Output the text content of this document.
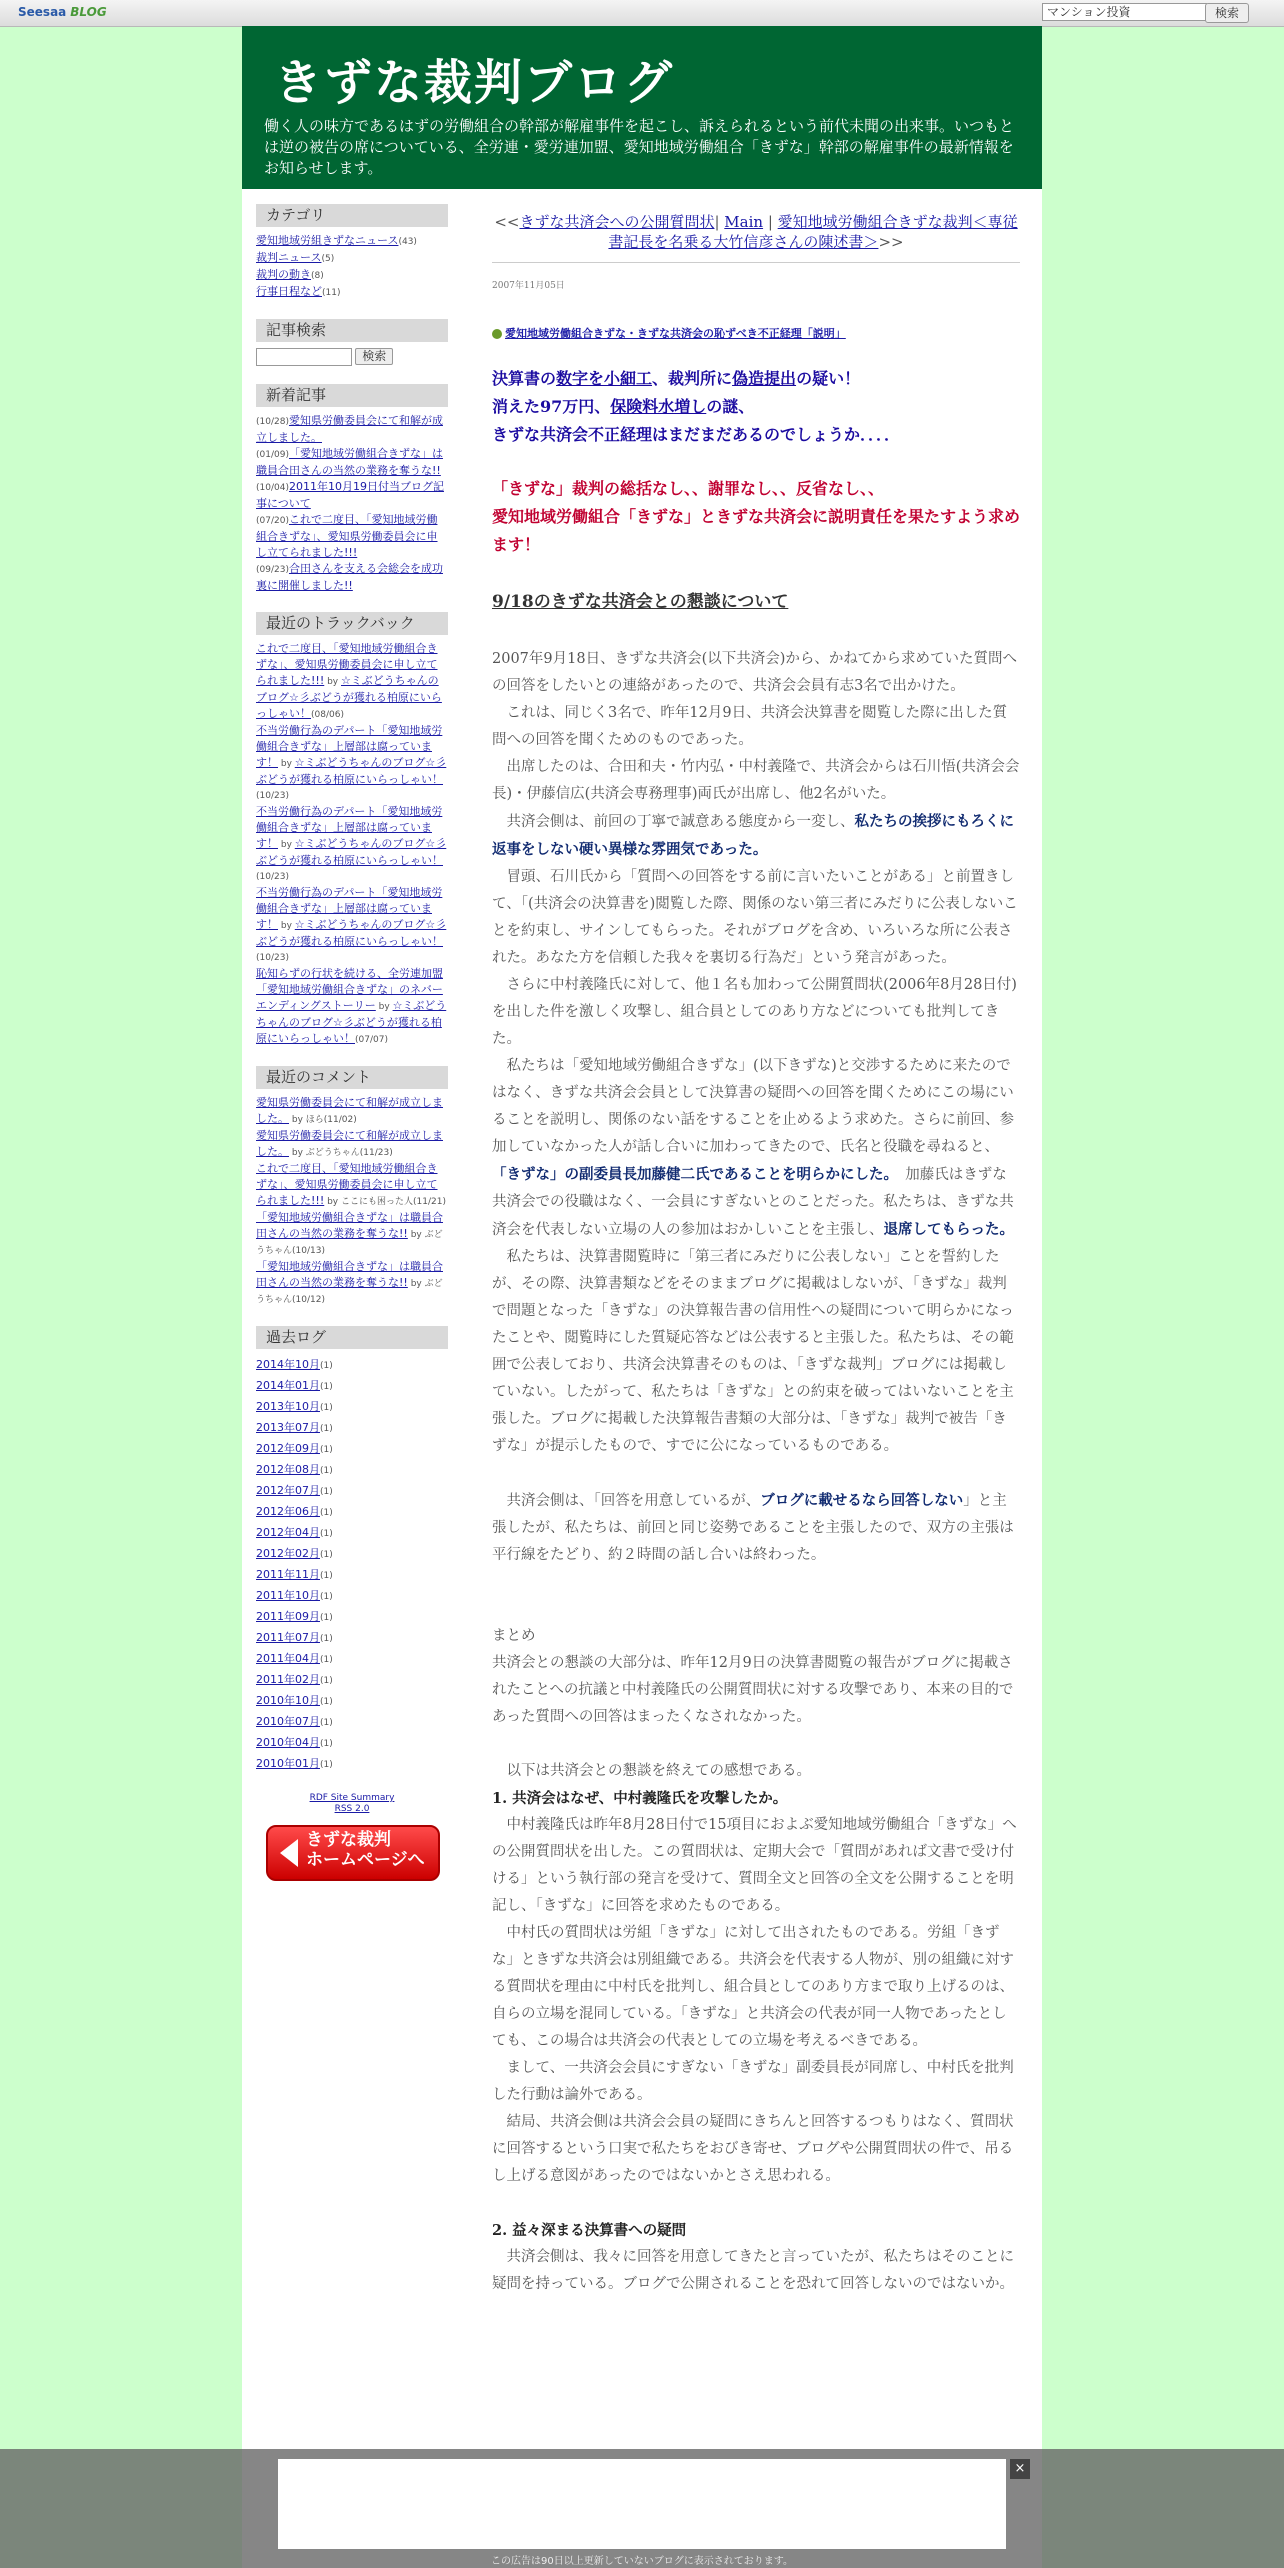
Seesaa BLOG	マンション投資	検索
きずな裁判ブログ
働く人の味方であるはずの労働組合の幹部が解雇事件を起こし、訴えられるという前代未聞の出来事。いつもとは逆の被告の席についている、全労連・愛労連加盟、愛知地域労働組合「きずな」幹部の解雇事件の最新情報をお知らせします。
カテゴリ
愛知地域労組きずなニュース(43)
裁判ニュース(5)
裁判の動き(8)
行事日程など(11)
記事検索
検索
新着記事
(10/28)愛知県労働委員会にて和解が成立しました。
(01/09)「愛知地域労働組合きずな」は職員合田さんの当然の業務を奪うな!!
(10/04)2011年10月19日付当ブログ記事について
(07/20)これで二度目、「愛知地域労働組合きずな」、愛知県労働委員会に申し立てられました!!!
(09/23)合田さんを支える会総会を成功裏に開催しました!!
最近のトラックバック
これで二度目、「愛知地域労働組合きずな」、愛知県労働委員会に申し立てられました!!! by ☆ミぶどうちゃんのブログ☆彡ぶどうが獲れる柏原にいらっしゃい！(08/06)
不当労働行為のデパート「愛知地域労働組合きずな」上層部は腐っています！ by ☆ミぶどうちゃんのブログ☆彡ぶどうが獲れる柏原にいらっしゃい！(10/23)
不当労働行為のデパート「愛知地域労働組合きずな」上層部は腐っています！ by ☆ミぶどうちゃんのブログ☆彡ぶどうが獲れる柏原にいらっしゃい！(10/23)
不当労働行為のデパート「愛知地域労働組合きずな」上層部は腐っています！ by ☆ミぶどうちゃんのブログ☆彡ぶどうが獲れる柏原にいらっしゃい！(10/23)
恥知らずの行状を続ける、全労連加盟「愛知地域労働組合きずな」のネバーエンディングストーリー by ☆ミぶどうちゃんのブログ☆彡ぶどうが獲れる柏原にいらっしゃい！(07/07)
最近のコメント
愛知県労働委員会にて和解が成立しました。 by ほら(11/02)
愛知県労働委員会にて和解が成立しました。 by ぶどうちゃん(11/23)
これで二度目、「愛知地域労働組合きずな」、愛知県労働委員会に申し立てられました!!! by ここにも困った人(11/21)
「愛知地域労働組合きずな」は職員合田さんの当然の業務を奪うな!! by ぶどうちゃん(10/13)
「愛知地域労働組合きずな」は職員合田さんの当然の業務を奪うな!! by ぶどうちゃん(10/12)
過去ログ
2014年10月(1)
2014年01月(1)
2013年10月(1)
2013年07月(1)
2012年09月(1)
2012年08月(1)
2012年07月(1)
2012年06月(1)
2012年04月(1)
2012年02月(1)
2011年11月(1)
2011年10月(1)
2011年09月(1)
2011年07月(1)
2011年04月(1)
2011年02月(1)
2010年10月(1)
2010年07月(1)
2010年04月(1)
2010年01月(1)
RDF Site Summary
RSS 2.0
きずな裁判
ホームページへ
<<きずな共済会への公開質問状| Main | 愛知地域労働組合きずな裁判＜専従書記長を名乗る大竹信彦さんの陳述書＞>>
2007年11月05日
愛知地域労働組合きずな・きずな共済会の恥ずべき不正経理「説明」
決算書の数字を小細工、裁判所に偽造提出の疑い！
消えた97万円、保険料水増しの謎、
きずな共済会不正経理はまだまだあるのでしょうか．．．．
「きずな」裁判の総括なし、、謝罪なし、、反省なし、、
愛知地域労働組合「きずな」ときずな共済会に説明責任を果たすよう求めます！
9/18のきずな共済会との懇談について

2007年9月18日、きずな共済会(以下共済会)から、かねてから求めていた質問への回答をしたいとの連絡があったので、共済会会員有志3名で出かけた。

　これは、同じく3名で、昨年12月9日、共済会決算書を閲覧した際に出した質問への回答を聞くためのものであった。

　出席したのは、合田和夫・竹内弘・中村義隆で、共済会からは石川悟(共済会会長)・伊藤信広(共済会専務理事)両氏が出席し、他2名がいた。

　共済会側は、前回の丁寧で誠意ある態度から一変し、私たちの挨拶にもろくに返事をしない硬い異様な雰囲気であった。

　冒頭、石川氏から「質問への回答をする前に言いたいことがある」と前置きして、「(共済会の決算書を)閲覧した際、関係のない第三者にみだりに公表しないことを約束し、サインしてもらった。それがブログを含め、いろいろな所に公表された。あなた方を信頼した我々を裏切る行為だ」という発言があった。

　さらに中村義隆氏に対して、他１名も加わって公開質問状(2006年8月28日付)を出した件を激しく攻撃し、組合員としてのあり方などについても批判してきた。

　私たちは「愛知地域労働組合きずな」(以下きずな)と交渉するために来たのではなく、きずな共済会会員として決算書の疑問への回答を聞くためにこの場にいることを説明し、関係のない話をすることを止めるよう求めた。さらに前回、参加していなかった人が話し合いに加わってきたので、氏名と役職を尋ねると、「きずな」の副委員長加藤健二氏であることを明らかにした。　加藤氏はきずな共済会での役職はなく、一会員にすぎないとのことだった。私たちは、きずな共済会を代表しない立場の人の参加はおかしいことを主張し、退席してもらった。

　私たちは、決算書閲覧時に「第三者にみだりに公表しない」ことを誓約したが、その際、決算書類などをそのままブログに掲載はしないが、「きずな」裁判で問題となった「きずな」の決算報告書の信用性への疑問について明らかになったことや、閲覧時にした質疑応答などは公表すると主張した。私たちは、その範囲で公表しており、共済会決算書そのものは、「きずな裁判」ブログには掲載していない。したがって、私たちは「きずな」との約束を破ってはいないことを主張した。ブログに掲載した決算報告書類の大部分は、「きずな」裁判で被告「きずな」が提示したもので、すでに公になっているものである。

　共済会側は、「回答を用意しているが、ブログに載せるなら回答しない」と主張したが、私たちは、前回と同じ姿勢であることを主張したので、双方の主張は平行線をたどり、約２時間の話し合いは終わった。

まとめ

共済会との懇談の大部分は、昨年12月9日の決算書閲覧の報告がブログに掲載されたことへの抗議と中村義隆氏の公開質問状に対する攻撃であり、本来の目的であった質問への回答はまったくなされなかった。

　以下は共済会との懇談を終えての感想である。

1. 共済会はなぜ、中村義隆氏を攻撃したか。

　中村義隆氏は昨年8月28日付で15項目におよぶ愛知地域労働組合「きずな」への公開質問状を出した。この質問状は、定期大会で「質問があれば文書で受け付ける」という執行部の発言を受けて、質問全文と回答の全文を公開することを明記し、「きずな」に回答を求めたものである。

　中村氏の質問状は労組「きずな」に対して出されたものである。労組「きずな」ときずな共済会は別組織である。共済会を代表する人物が、別の組織に対する質問状を理由に中村氏を批判し、組合員としてのあり方まで取り上げるのは、自らの立場を混同している。「きずな」と共済会の代表が同一人物であったとしても、この場合は共済会の代表としての立場を考えるべきである。

　まして、一共済会会員にすぎない「きずな」副委員長が同席し、中村氏を批判した行動は論外である。

　結局、共済会側は共済会会員の疑問にきちんと回答するつもりはなく、質問状に回答するという口実で私たちをおびき寄せ、ブログや公開質問状の件で、吊るし上げる意図があったのではないかとさえ思われる。

2. 益々深まる決算書への疑問

　共済会側は、我々に回答を用意してきたと言っていたが、私たちはそのことに疑問を持っている。ブログで公開されることを恐れて回答しないのではないか。

×
この広告は90日以上更新していないブログに表示されております。
